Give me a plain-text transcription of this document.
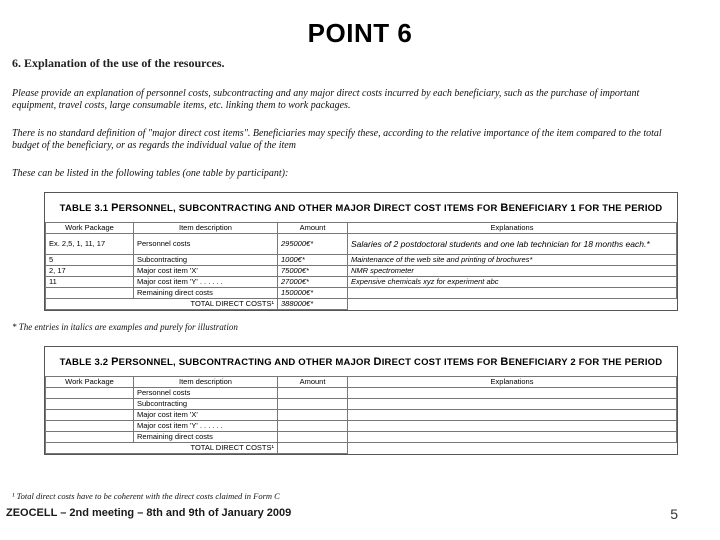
POINT 6
6. Explanation of the use of the resources.
Please provide an explanation of personnel costs, subcontracting and any major direct costs incurred by each beneficiary, such as the purchase of important equipment, travel costs, large consumable items, etc. linking them to work packages.
There is no standard definition of "major direct cost items". Beneficiaries may specify these, according to the relative importance of the item compared to the total budget of the beneficiary, or as regards the individual value of the item
These can be listed in the following tables (one table by participant):
TABLE 3.1 PERSONNEL, SUBCONTRACTING AND OTHER MAJOR DIRECT COST ITEMS FOR BENEFICIARY 1 FOR THE PERIOD
Work Package	Item description	Amount	Explanations
Ex. 2,5, 1, 11, 17	Personnel costs	295000€*	Salaries of 2 postdoctoral students and one lab technician for 18 months each.*
5	Subcontracting	1000€*	Maintenance of the web site and printing of brochures*
2, 17	Major cost item 'X'	75000€*	NMR spectrometer
11	Major cost item 'Y' . . . . . .	27000€*	Expensive chemicals xyz for experiment abc
	Remaining direct costs	150000€*	
TOTAL DIRECT COSTS¹		388000€*	
* The entries in italics are examples and purely for illustration
TABLE 3.2 PERSONNEL, SUBCONTRACTING AND OTHER MAJOR DIRECT COST ITEMS FOR BENEFICIARY 2 FOR THE PERIOD
Work Package	Item description	Amount	Explanations
	Personnel costs		
	Subcontracting		
	Major cost item 'X'		
	Major cost item 'Y' . . . . . .		
	Remaining direct costs		
TOTAL DIRECT COSTS¹			
¹ Total direct costs have to be coherent with the direct costs claimed in Form C
ZEOCELL – 2nd meeting – 8th and 9th of January 2009	5
